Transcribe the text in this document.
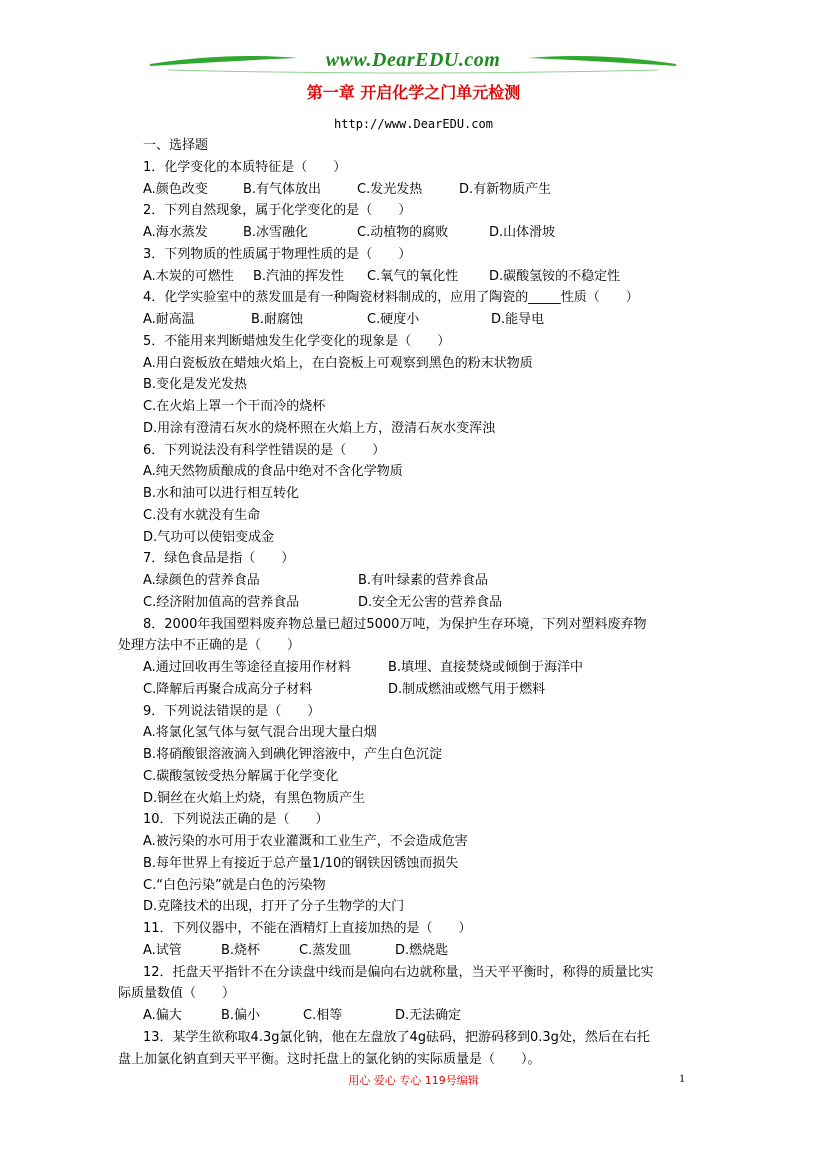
www.DearEDU.com
第一章 开启化学之门单元检测
http://www.DearEDU.com
一、选择题
1．化学变化的本质特征是（　　）
A.颜色改变	B.有气体放出	C.发光发热	D.有新物质产生
2．下列自然现象，属于化学变化的是（　　）
A.海水蒸发	B.冰雪融化	C.动植物的腐败	D.山体滑坡
3．下列物质的性质属于物理性质的是（　　）
A.木炭的可燃性 B.汽油的挥发性 C.氧气的氧化性 D.碳酸氢铵的不稳定性
4．化学实验室中的蒸发皿是有一种陶瓷材料制成的，应用了陶瓷的_____性质（　　）
A.耐高温	B.耐腐蚀	C.硬度小	D.能导电
5．不能用来判断蜡烛发生化学变化的现象是（　　）
A.用白瓷板放在蜡烛火焰上，在白瓷板上可观察到黑色的粉末状物质
B.变化是发光发热
C.在火焰上罩一个干而冷的烧杯
D.用涂有澄清石灰水的烧杯照在火焰上方，澄清石灰水变浑浊
6．下列说法没有科学性错误的是（　　）
A.纯天然物质酿成的食品中绝对不含化学物质
B.水和油可以进行相互转化
C.没有水就没有生命
D.气功可以使铝变成金
7．绿色食品是指（　　）
A.绿颜色的营养食品	B.有叶绿素的营养食品
C.经济附加值高的营养食品	D.安全无公害的营养食品
8．2000年我国塑料废弃物总量已超过5000万吨，为保护生存环境，下列对塑料废弃物
处理方法中不正确的是（　　）
A.通过回收再生等途径直接用作材料	B.填埋、直接焚烧或倾倒于海洋中
C.降解后再聚合成高分子材料	D.制成燃油或燃气用于燃料
9．下列说法错误的是（　　）
A.将氯化氢气体与氨气混合出现大量白烟
B.将硝酸银溶液滴入到碘化钾溶液中，产生白色沉淀
C.碳酸氢铵受热分解属于化学变化
D.铜丝在火焰上灼烧，有黑色物质产生
10．下列说法正确的是（　　）
A.被污染的水可用于农业灌溉和工业生产，不会造成危害
B.每年世界上有接近于总产量1/10的钢铁因锈蚀而损失
C.“白色污染”就是白色的污染物
D.克隆技术的出现，打开了分子生物学的大门
11．下列仪器中，不能在酒精灯上直接加热的是（　　）
A.试管	B.烧杯	C.蒸发皿	D.燃烧匙
12．托盘天平指针不在分读盘中线而是偏向右边就称量，当天平平衡时，称得的质量比实
际质量数值（　　）
A.偏大	B.偏小	C.相等	D.无法确定
13．某学生欲称取4.3g氯化钠，他在左盘放了4g砝码，把游码移到0.3g处，然后在右托
盘上加氯化钠直到天平平衡。这时托盘上的氯化钠的实际质量是（　　）。
用心 爱心 专心 119号编辑	1
